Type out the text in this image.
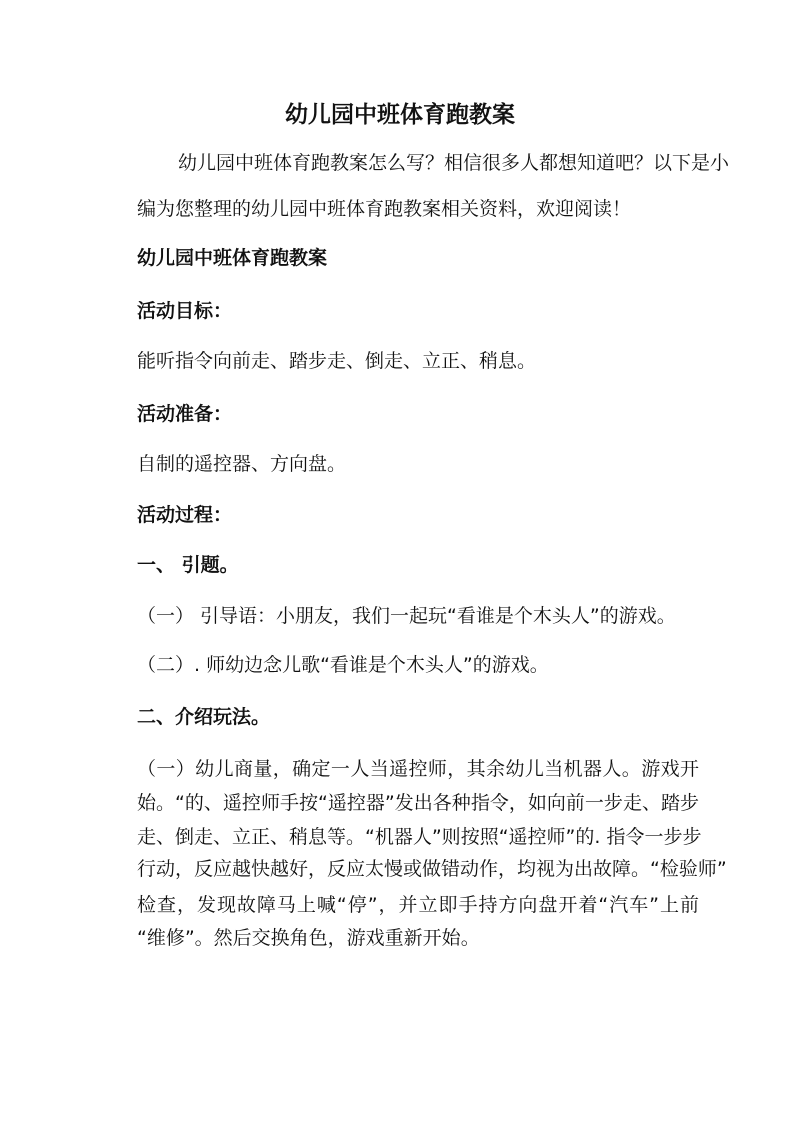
幼儿园中班体育跑教案
幼儿园中班体育跑教案怎么写？相信很多人都想知道吧？以下是小
编为您整理的幼儿园中班体育跑教案相关资料，欢迎阅读！
幼儿园中班体育跑教案
活动目标：
能听指令向前走、踏步走、倒走、立正、稍息。
活动准备：
自制的遥控器、方向盘。
活动过程：
一、 引题。
（一） 引导语：小朋友，我们一起玩“看谁是个木头人”的游戏。
（二）. 师幼边念儿歌“看谁是个木头人”的游戏。
二、介绍玩法。
（一）幼儿商量，确定一人当遥控师，其余幼儿当机器人。游戏开
始。“的、遥控师手按“遥控器”发出各种指令，如向前一步走、踏步
走、倒走、立正、稍息等。“机器人”则按照“遥控师”的. 指令一步步
行动，反应越快越好，反应太慢或做错动作，均视为出故障。“检验师”
检查，发现故障马上喊“停”，并立即手持方向盘开着“汽车”上前
“维修”。然后交换角色，游戏重新开始。
